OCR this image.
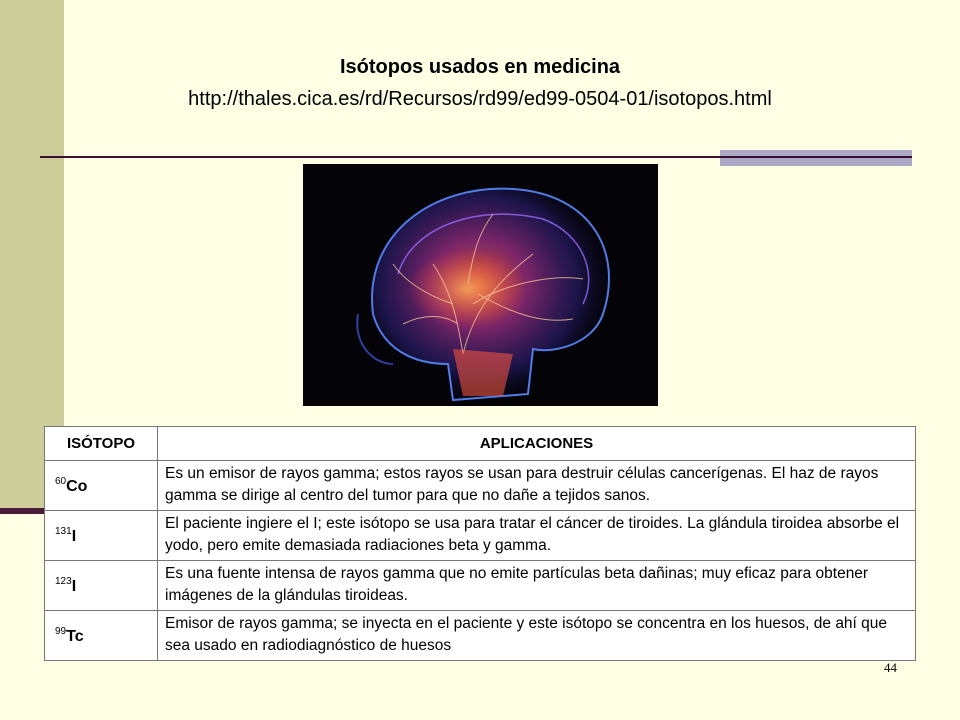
Isótopos usados en medicina
http://thales.cica.es/rd/Recursos/rd99/ed99-0504-01/isotopos.html
ISÓTOPO	APLICACIONES
$^{60}$Co	Es un emisor de rayos gamma; estos rayos se usan para destruir células cancerígenas. El haz de rayos gamma se dirige al centro del tumor para que no dañe a tejidos sanos.
$^{131}$I	El paciente ingiere el I; este isótopo se usa para tratar el cáncer de tiroides. La glándula tiroidea absorbe el yodo, pero emite demasiada radiaciones beta y gamma.
$^{123}$I	Es una fuente intensa de rayos gamma que no emite partículas beta dañinas; muy eficaz para obtener imágenes de la glándulas tiroideas.
$^{99}$Tc	Emisor de rayos gamma; se inyecta en el paciente y este isótopo se concentra en los huesos, de ahí que sea usado en radiodiagnóstico de huesos
44
